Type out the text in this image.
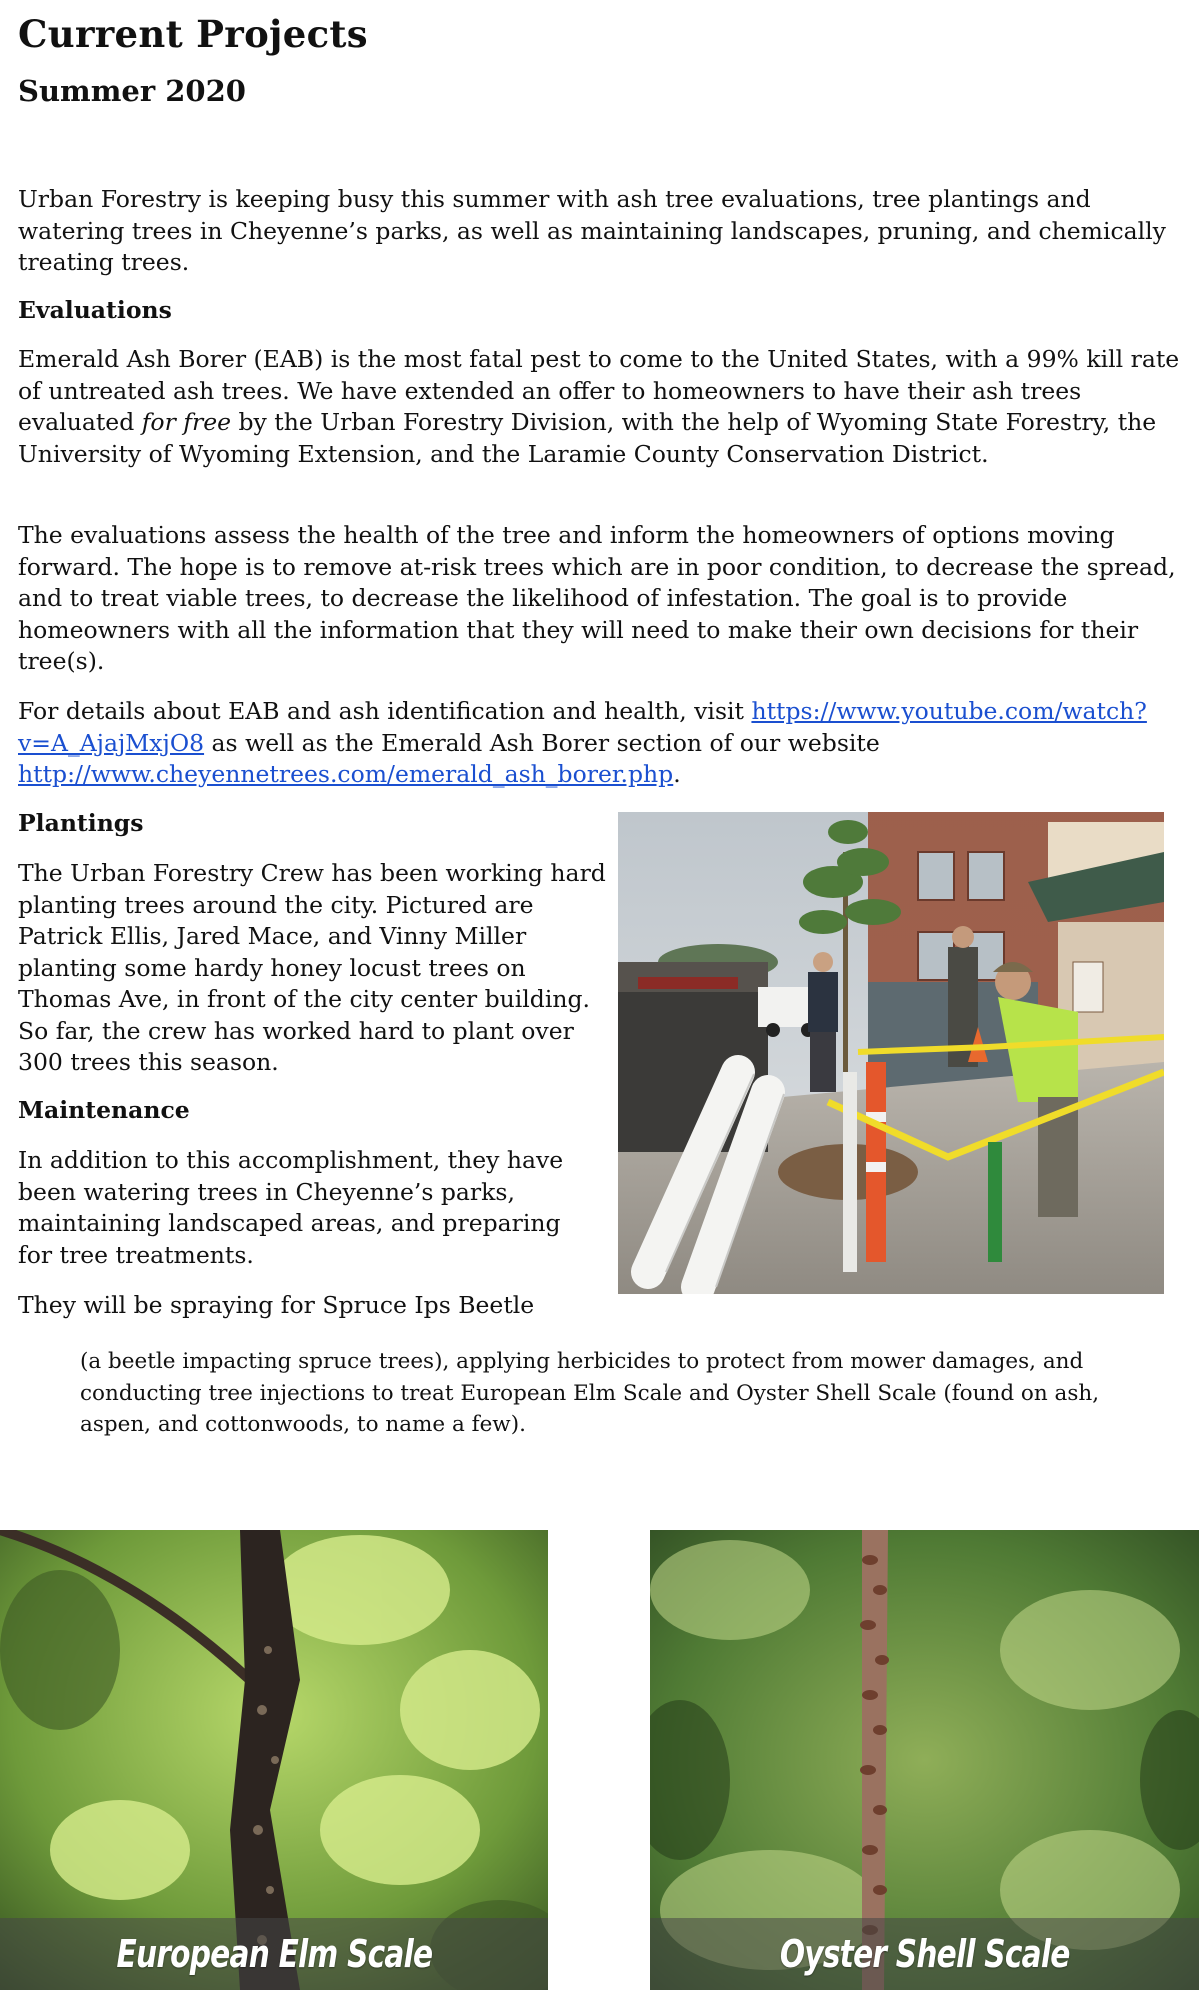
Current Projects
Summer 2020

Urban Forestry is keeping busy this summer with ash tree evaluations, tree plantings and watering trees in Cheyenne’s parks, as well as maintaining landscapes, pruning, and chemically treating trees.

Evaluations

Emerald Ash Borer (EAB) is the most fatal pest to come to the United States, with a 99% kill rate of untreated ash trees. We have extended an offer to homeowners to have their ash trees evaluated for free by the Urban Forestry Division, with the help of Wyoming State Forestry, the University of Wyoming Extension, and the Laramie County Conservation District.

The evaluations assess the health of the tree and inform the homeowners of options moving forward. The hope is to remove at-risk trees which are in poor condition, to decrease the spread, and to treat viable trees, to decrease the likelihood of infestation. The goal is to provide homeowners with all the information that they will need to make their own decisions for their tree(s).

For details about EAB and ash identification and health, visit https://www.youtube.com/watch?v=A_AjajMxjO8 as well as the Emerald Ash Borer section of our website http://www.cheyennetrees.com/emerald_ash_borer.php.

Plantings

The Urban Forestry Crew has been working hard planting trees around the city. Pictured are Patrick Ellis, Jared Mace, and Vinny Miller planting some hardy honey locust trees on Thomas Ave, in front of the city center building. So far, the crew has worked hard to plant over 300 trees this season.

Maintenance

In addition to this accomplishment, they have been watering trees in Cheyenne’s parks, maintaining landscaped areas, and preparing for tree treatments.

They will be spraying for Spruce Ips Beetle

(a beetle impacting spruce trees), applying herbicides to protect from mower damages, and conducting tree injections to treat European Elm Scale and Oyster Shell Scale (found on ash, aspen, and cottonwoods, to name a few).

European Elm Scale	Oyster Shell Scale
